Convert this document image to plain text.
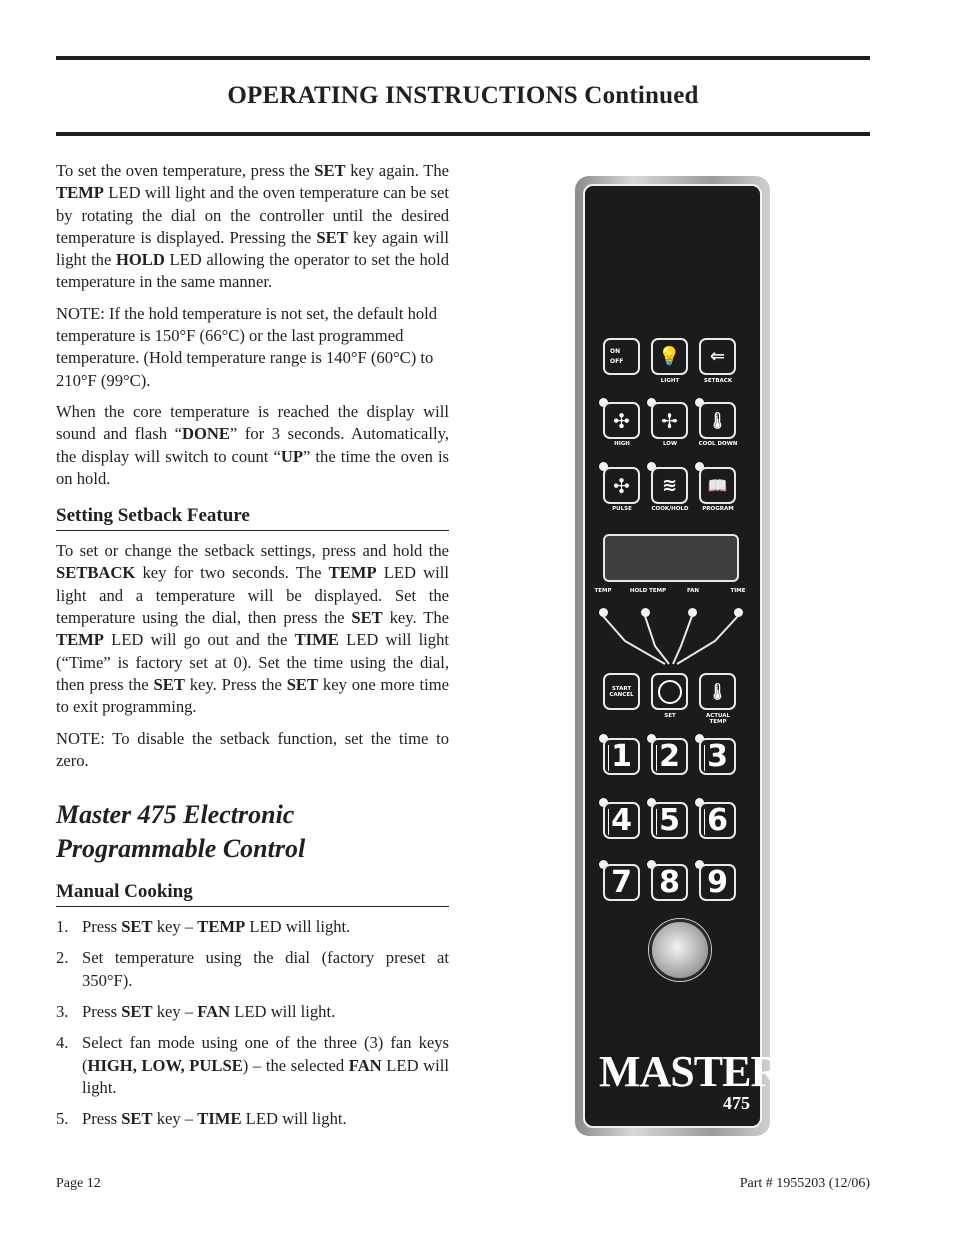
OPERATING INSTRUCTIONS Continued

To set the oven temperature, press the SET key again. The TEMP LED will light and the oven temperature can be set by rotating the dial on the controller until the desired temperature is displayed. Pressing the SET key again will light the HOLD LED allowing the operator to set the hold temperature in the same manner.

NOTE: If the hold temperature is not set, the default hold temperature is 150°F (66°C) or the last programmed temperature. (Hold temperature range is 140°F (60°C) to 210°F (99°C).

When the core temperature is reached the display will sound and flash “DONE” for 3 seconds. Automatically, the display will switch to count “UP” the time the oven is on hold.

Setting Setback Feature

To set or change the setback settings, press and hold the SETBACK key for two seconds. The TEMP LED will light and a temperature will be displayed. Set the temperature using the dial, then press the SET key. The TEMP LED will go out and the TIME LED will light (“Time” is factory set at 0). Set the time using the dial, then press the SET key. Press the SET key one more time to exit programming.

NOTE: To disable the setback function, set the time to zero.

Master 475 Electronic
Programmable Control
Manual Cooking
1. Press SET key – TEMP LED will light.
2. Set temperature using the dial (factory preset at 350°F).
3. Press SET key – FAN LED will light.
4. Select fan mode using one of the three (3) fan keys (HIGH, LOW, PULSE) – the selected FAN LED will light.
5. Press SET key – TIME LED will light.
ON
OFF 💡 ⇐
LIGHT	SETBACK
✣ ✢ 🌡
HIGH	LOW	COOL DOWN
✣ ≋ 📖
PULSE	COOK/HOLD	PROGRAM
TEMP	HOLD TEMP	FAN	TIME
START
CANCEL	🌡
SET	ACTUAL TEMP
1 2 3
4 5 6
7 8 9
MASTER
475
Page 12	Part # 1955203 (12/06)
